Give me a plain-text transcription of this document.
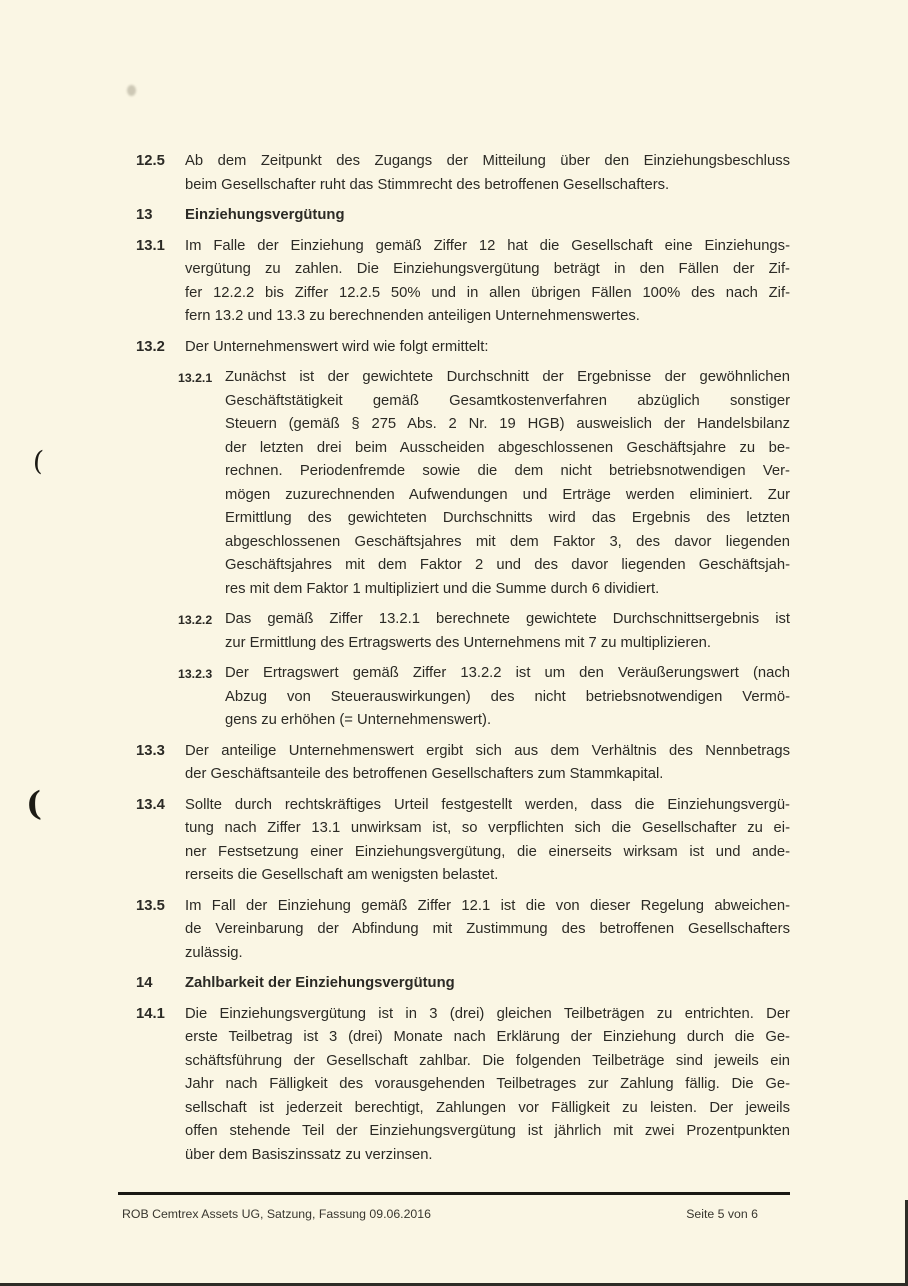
(
(
12.5	Ab dem Zeitpunkt des Zugangs der Mitteilung über den Einziehungsbeschluss
beim Gesellschafter ruht das Stimmrecht des betroffenen Gesellschafters.
13	Einziehungsvergütung
13.1	Im Falle der Einziehung gemäß Ziffer 12 hat die Gesellschaft eine Einziehungs-
vergütung zu zahlen. Die Einziehungsvergütung beträgt in den Fällen der Zif-
fer 12.2.2 bis Ziffer 12.2.5 50% und in allen übrigen Fällen 100% des nach Zif-
fern 13.2 und 13.3 zu berechnenden anteiligen Unternehmenswertes.
13.2	Der Unternehmenswert wird wie folgt ermittelt:
13.2.1 Zunächst ist der gewichtete Durchschnitt der Ergebnisse der gewöhnlichen
Geschäftstätigkeit gemäß Gesamtkostenverfahren abzüglich sonstiger
Steuern (gemäß § 275 Abs. 2 Nr. 19 HGB) ausweislich der Handelsbilanz
der letzten drei beim Ausscheiden abgeschlossenen Geschäftsjahre zu be-
rechnen. Periodenfremde sowie die dem nicht betriebsnotwendigen Ver-
mögen zuzurechnenden Aufwendungen und Erträge werden eliminiert. Zur
Ermittlung des gewichteten Durchschnitts wird das Ergebnis des letzten
abgeschlossenen Geschäftsjahres mit dem Faktor 3, des davor liegenden
Geschäftsjahres mit dem Faktor 2 und des davor liegenden Geschäftsjah-
res mit dem Faktor 1 multipliziert und die Summe durch 6 dividiert.
13.2.2 Das gemäß Ziffer 13.2.1 berechnete gewichtete Durchschnittsergebnis ist
zur Ermittlung des Ertragswerts des Unternehmens mit 7 zu multiplizieren.
13.2.3 Der Ertragswert gemäß Ziffer 13.2.2 ist um den Veräußerungswert (nach
Abzug von Steuerauswirkungen) des nicht betriebsnotwendigen Vermö-
gens zu erhöhen (= Unternehmenswert).
13.3	Der anteilige Unternehmenswert ergibt sich aus dem Verhältnis des Nennbetrags
der Geschäftsanteile des betroffenen Gesellschafters zum Stammkapital.
13.4	Sollte durch rechtskräftiges Urteil festgestellt werden, dass die Einziehungsvergü-
tung nach Ziffer 13.1 unwirksam ist, so verpflichten sich die Gesellschafter zu ei-
ner Festsetzung einer Einziehungsvergütung, die einerseits wirksam ist und ande-
rerseits die Gesellschaft am wenigsten belastet.
13.5	Im Fall der Einziehung gemäß Ziffer 12.1 ist die von dieser Regelung abweichen-
de Vereinbarung der Abfindung mit Zustimmung des betroffenen Gesellschafters
zulässig.
14	Zahlbarkeit der Einziehungsvergütung
14.1	Die Einziehungsvergütung ist in 3 (drei) gleichen Teilbeträgen zu entrichten. Der
erste Teilbetrag ist 3 (drei) Monate nach Erklärung der Einziehung durch die Ge-
schäftsführung der Gesellschaft zahlbar. Die folgenden Teilbeträge sind jeweils ein
Jahr nach Fälligkeit des vorausgehenden Teilbetrages zur Zahlung fällig. Die Ge-
sellschaft ist jederzeit berechtigt, Zahlungen vor Fälligkeit zu leisten. Der jeweils
offen stehende Teil der Einziehungsvergütung ist jährlich mit zwei Prozentpunkten
über dem Basiszinssatz zu verzinsen.
ROB Cemtrex Assets UG, Satzung, Fassung 09.06.2016	Seite 5 von 6
